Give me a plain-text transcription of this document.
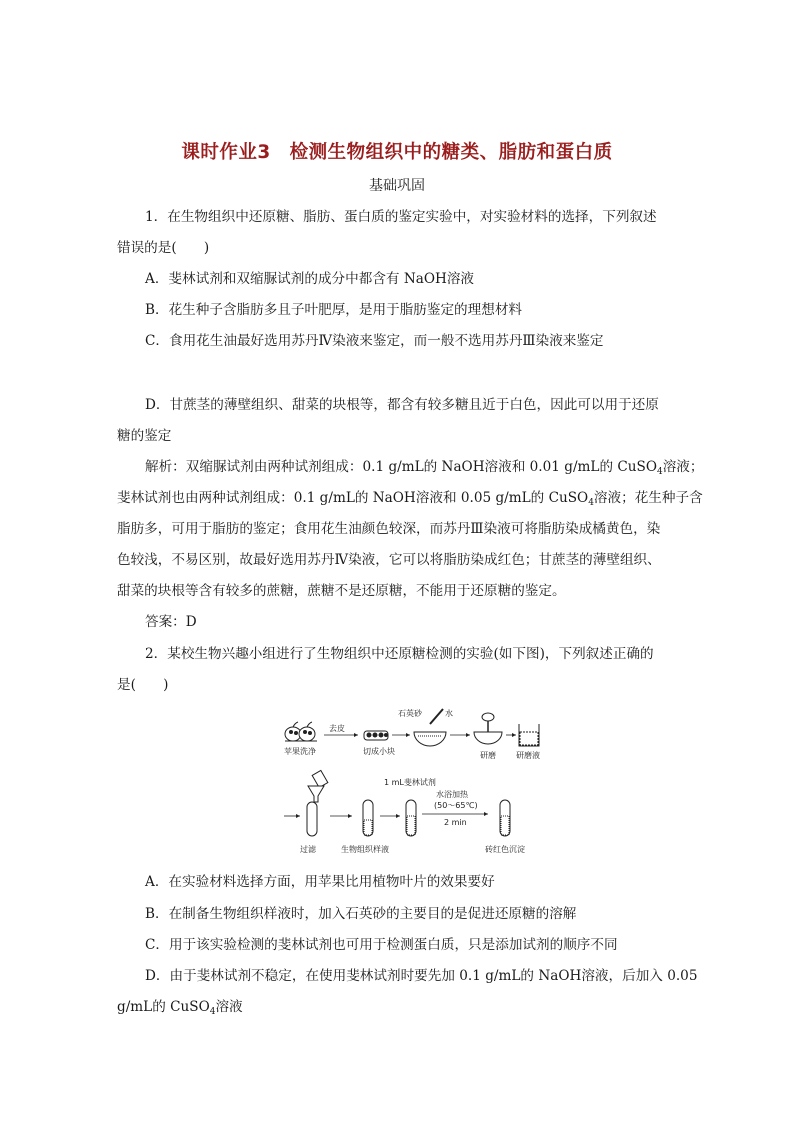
课时作业3　检测生物组织中的糖类、脂肪和蛋白质
基础巩固
1．在生物组织中还原糖、脂肪、蛋白质的鉴定实验中，对实验材料的选择，下列叙述
错误的是(　　)
A．斐林试剂和双缩脲试剂的成分中都含有 NaOH溶液
B．花生种子含脂肪多且子叶肥厚，是用于脂肪鉴定的理想材料
C．食用花生油最好选用苏丹Ⅳ染液来鉴定，而一般不选用苏丹Ⅲ染液来鉴定
D．甘蔗茎的薄壁组织、甜菜的块根等，都含有较多糖且近于白色，因此可以用于还原
糖的鉴定
解析：双缩脲试剂由两种试剂组成：0.1 g/mL的 NaOH溶液和 0.01 g/mL的 CuSO$_4$溶液；
斐林试剂也由两种试剂组成：0.1 g/mL的 NaOH溶液和 0.05 g/mL的 CuSO$_4$溶液；花生种子含
脂肪多，可用于脂肪的鉴定；食用花生油颜色较深，而苏丹Ⅲ染液可将脂肪染成橘黄色，染
色较浅，不易区别，故最好选用苏丹Ⅳ染液，它可以将脂肪染成红色；甘蔗茎的薄壁组织、
甜菜的块根等含有较多的蔗糖，蔗糖不是还原糖，不能用于还原糖的鉴定。
答案：D
2．某校生物兴趣小组进行了生物组织中还原糖检测的实验(如下图)，下列叙述正确的
是(　　)
苹果洗净
去皮
切成小块
石英砂	水
研磨	研磨液
过滤	生物组织样液
1 mL斐林试剂
水浴加热
(50～65℃)
2 min
砖红色沉淀
A．在实验材料选择方面，用苹果比用植物叶片的效果要好
B．在制备生物组织样液时，加入石英砂的主要目的是促进还原糖的溶解
C．用于该实验检测的斐林试剂也可用于检测蛋白质，只是添加试剂的顺序不同
D．由于斐林试剂不稳定，在使用斐林试剂时要先加 0.1 g/mL的 NaOH溶液，后加入 0.05
g/mL的 CuSO$_4$溶液
